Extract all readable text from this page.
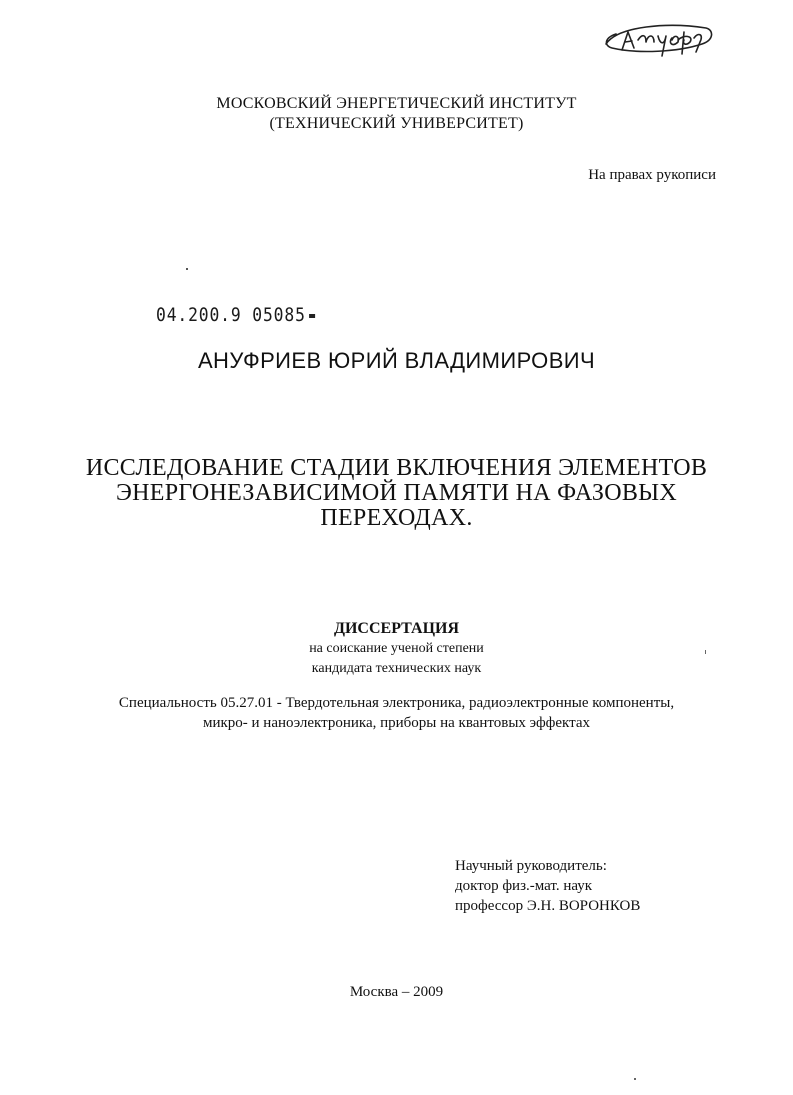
МОСКОВСКИЙ ЭНЕРГЕТИЧЕСКИЙ ИНСТИТУТ
(ТЕХНИЧЕСКИЙ УНИВЕРСИТЕТ)
На правах рукописи
04.200.9 05085
АНУФРИЕВ ЮРИЙ ВЛАДИМИРОВИЧ
ИССЛЕДОВАНИЕ СТАДИИ ВКЛЮЧЕНИЯ ЭЛЕМЕНТОВ
ЭНЕРГОНЕЗАВИСИМОЙ ПАМЯТИ НА ФАЗОВЫХ
ПЕРЕХОДАХ.
ДИССЕРТАЦИЯ
на соискание ученой степени
кандидата технических наук
Специальность 05.27.01 - Твердотельная электроника, радиоэлектронные компоненты,
микро- и наноэлектроника, приборы на квантовых эффектах
Научный руководитель:
доктор физ.-мат. наук
профессор Э.Н. ВОРОНКОВ
Москва – 2009
